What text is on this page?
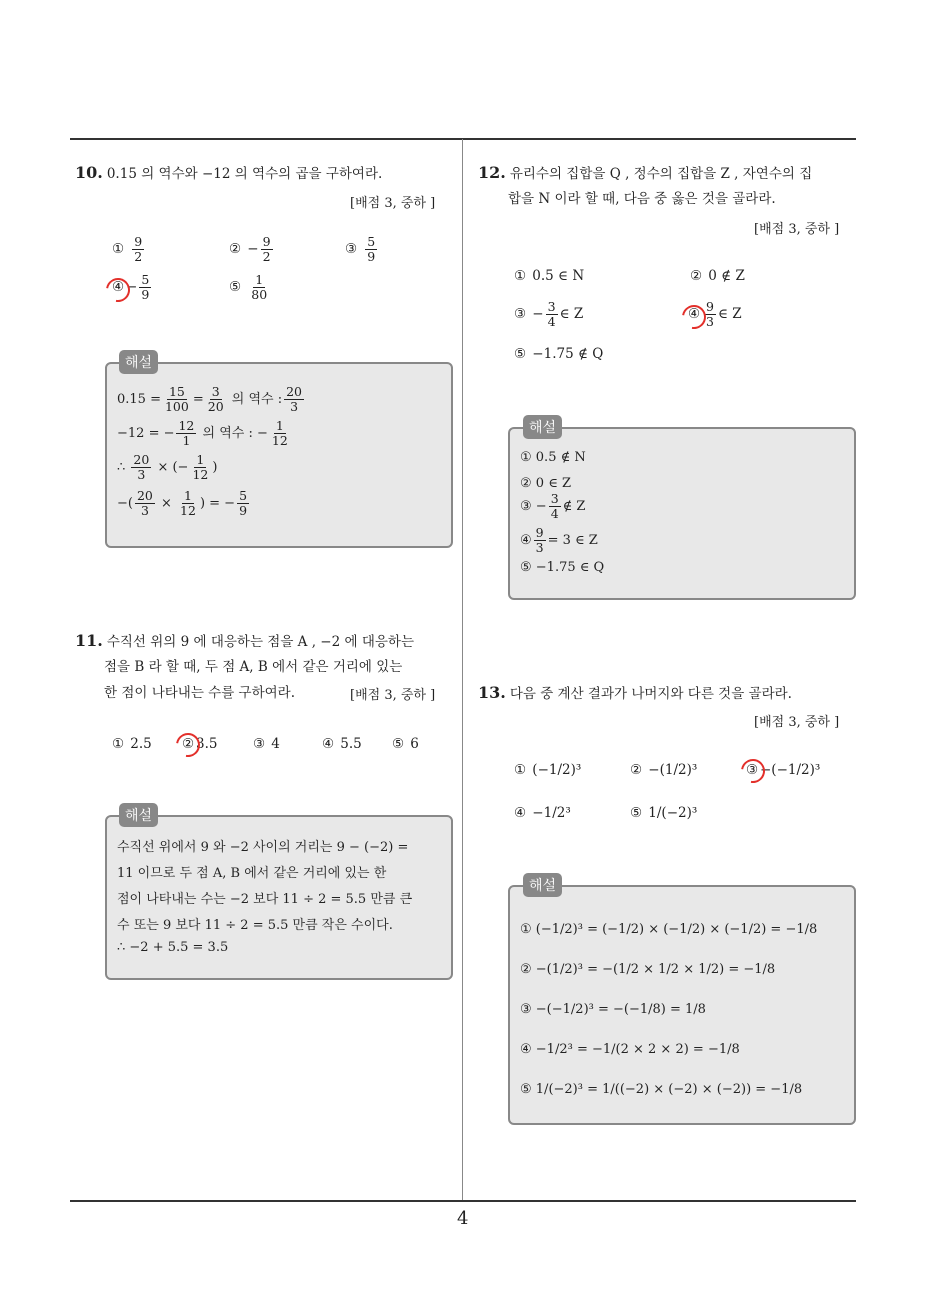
10. 0.15 의 역수와 −12 의 역수의 곱을 구하여라.
[배점 3, 중하 ]
① $\frac{9}{2}$	② − $\frac{9}{2}$	③ $\frac{5}{9}$
④ − $\frac{5}{9}$	⑤ $\frac{1}{80}$
해설
$0.15 = \frac{15}{100} = \frac{3}{20}$ 의 역수 : $\frac{20}{3}$
−12 = − $\frac{12}{1}$ 의 역수 : − $\frac{1}{12}$
∴ $\frac{20}{3}$ × (− $\frac{1}{12}$ )
−( $\frac{20}{3} \times \frac{1}{12}$ ) = − $\frac{5}{9}$
11. 수직선 위의 9 에 대응하는 점을 A , −2 에 대응하는
점을 B 라 할 때, 두 점 A, B 에서 같은 거리에 있는
한 점이 나타내는 수를 구하여라.	[배점 3, 중하 ]
① 2.5 ② 3.5	③ 4	④ 5.5 ⑤ 6
해설
수직선 위에서 9 와 −2 사이의 거리는 9 − (−2) =
11 이므로 두 점 A, B 에서 같은 거리에 있는 한
점이 나타내는 수는 −2 보다 11 ÷ 2 = 5.5 만큼 큰
수 또는 9 보다 11 ÷ 2 = 5.5 만큼 작은 수이다.
∴ −2 + 5.5 = 3.5
12. 유리수의 집합을 Q , 정수의 집합을 Z , 자연수의 집
합을 N 이라 할 때, 다음 중 옳은 것을 골라라.
[배점 3, 중하 ]
① 0.5 ∈ N	② 0 ∉ Z
③ − $\frac{3}{4}$ ∈ Z	④ $\frac{9}{3}$ ∈ Z
⑤ −1.75 ∉ Q
해설
① 0.5 ∉ N
② 0 ∈ Z
③ − $\frac{3}{4}$ ∉ Z
④ $\frac{9}{3} = 3$ ∈ Z
⑤ −1.75 ∈ Q
13. 다음 중 계산 결과가 나머지와 다른 것을 골라라.
[배점 3, 중하 ]
① (−1/2)³	② −(1/2)³	③ −(−1/2)³
④ −1/2³	⑤ 1/(−2)³
해설
① (−1/2)³ = (−1/2) × (−1/2) × (−1/2) = −1/8
② −(1/2)³ = −(1/2 × 1/2 × 1/2) = −1/8
③ −(−1/2)³ = −(−1/8) = 1/8
④ −1/2³ = −1/(2 × 2 × 2) = −1/8
⑤ 1/(−2)³ = 1/((−2) × (−2) × (−2)) = −1/8
4
